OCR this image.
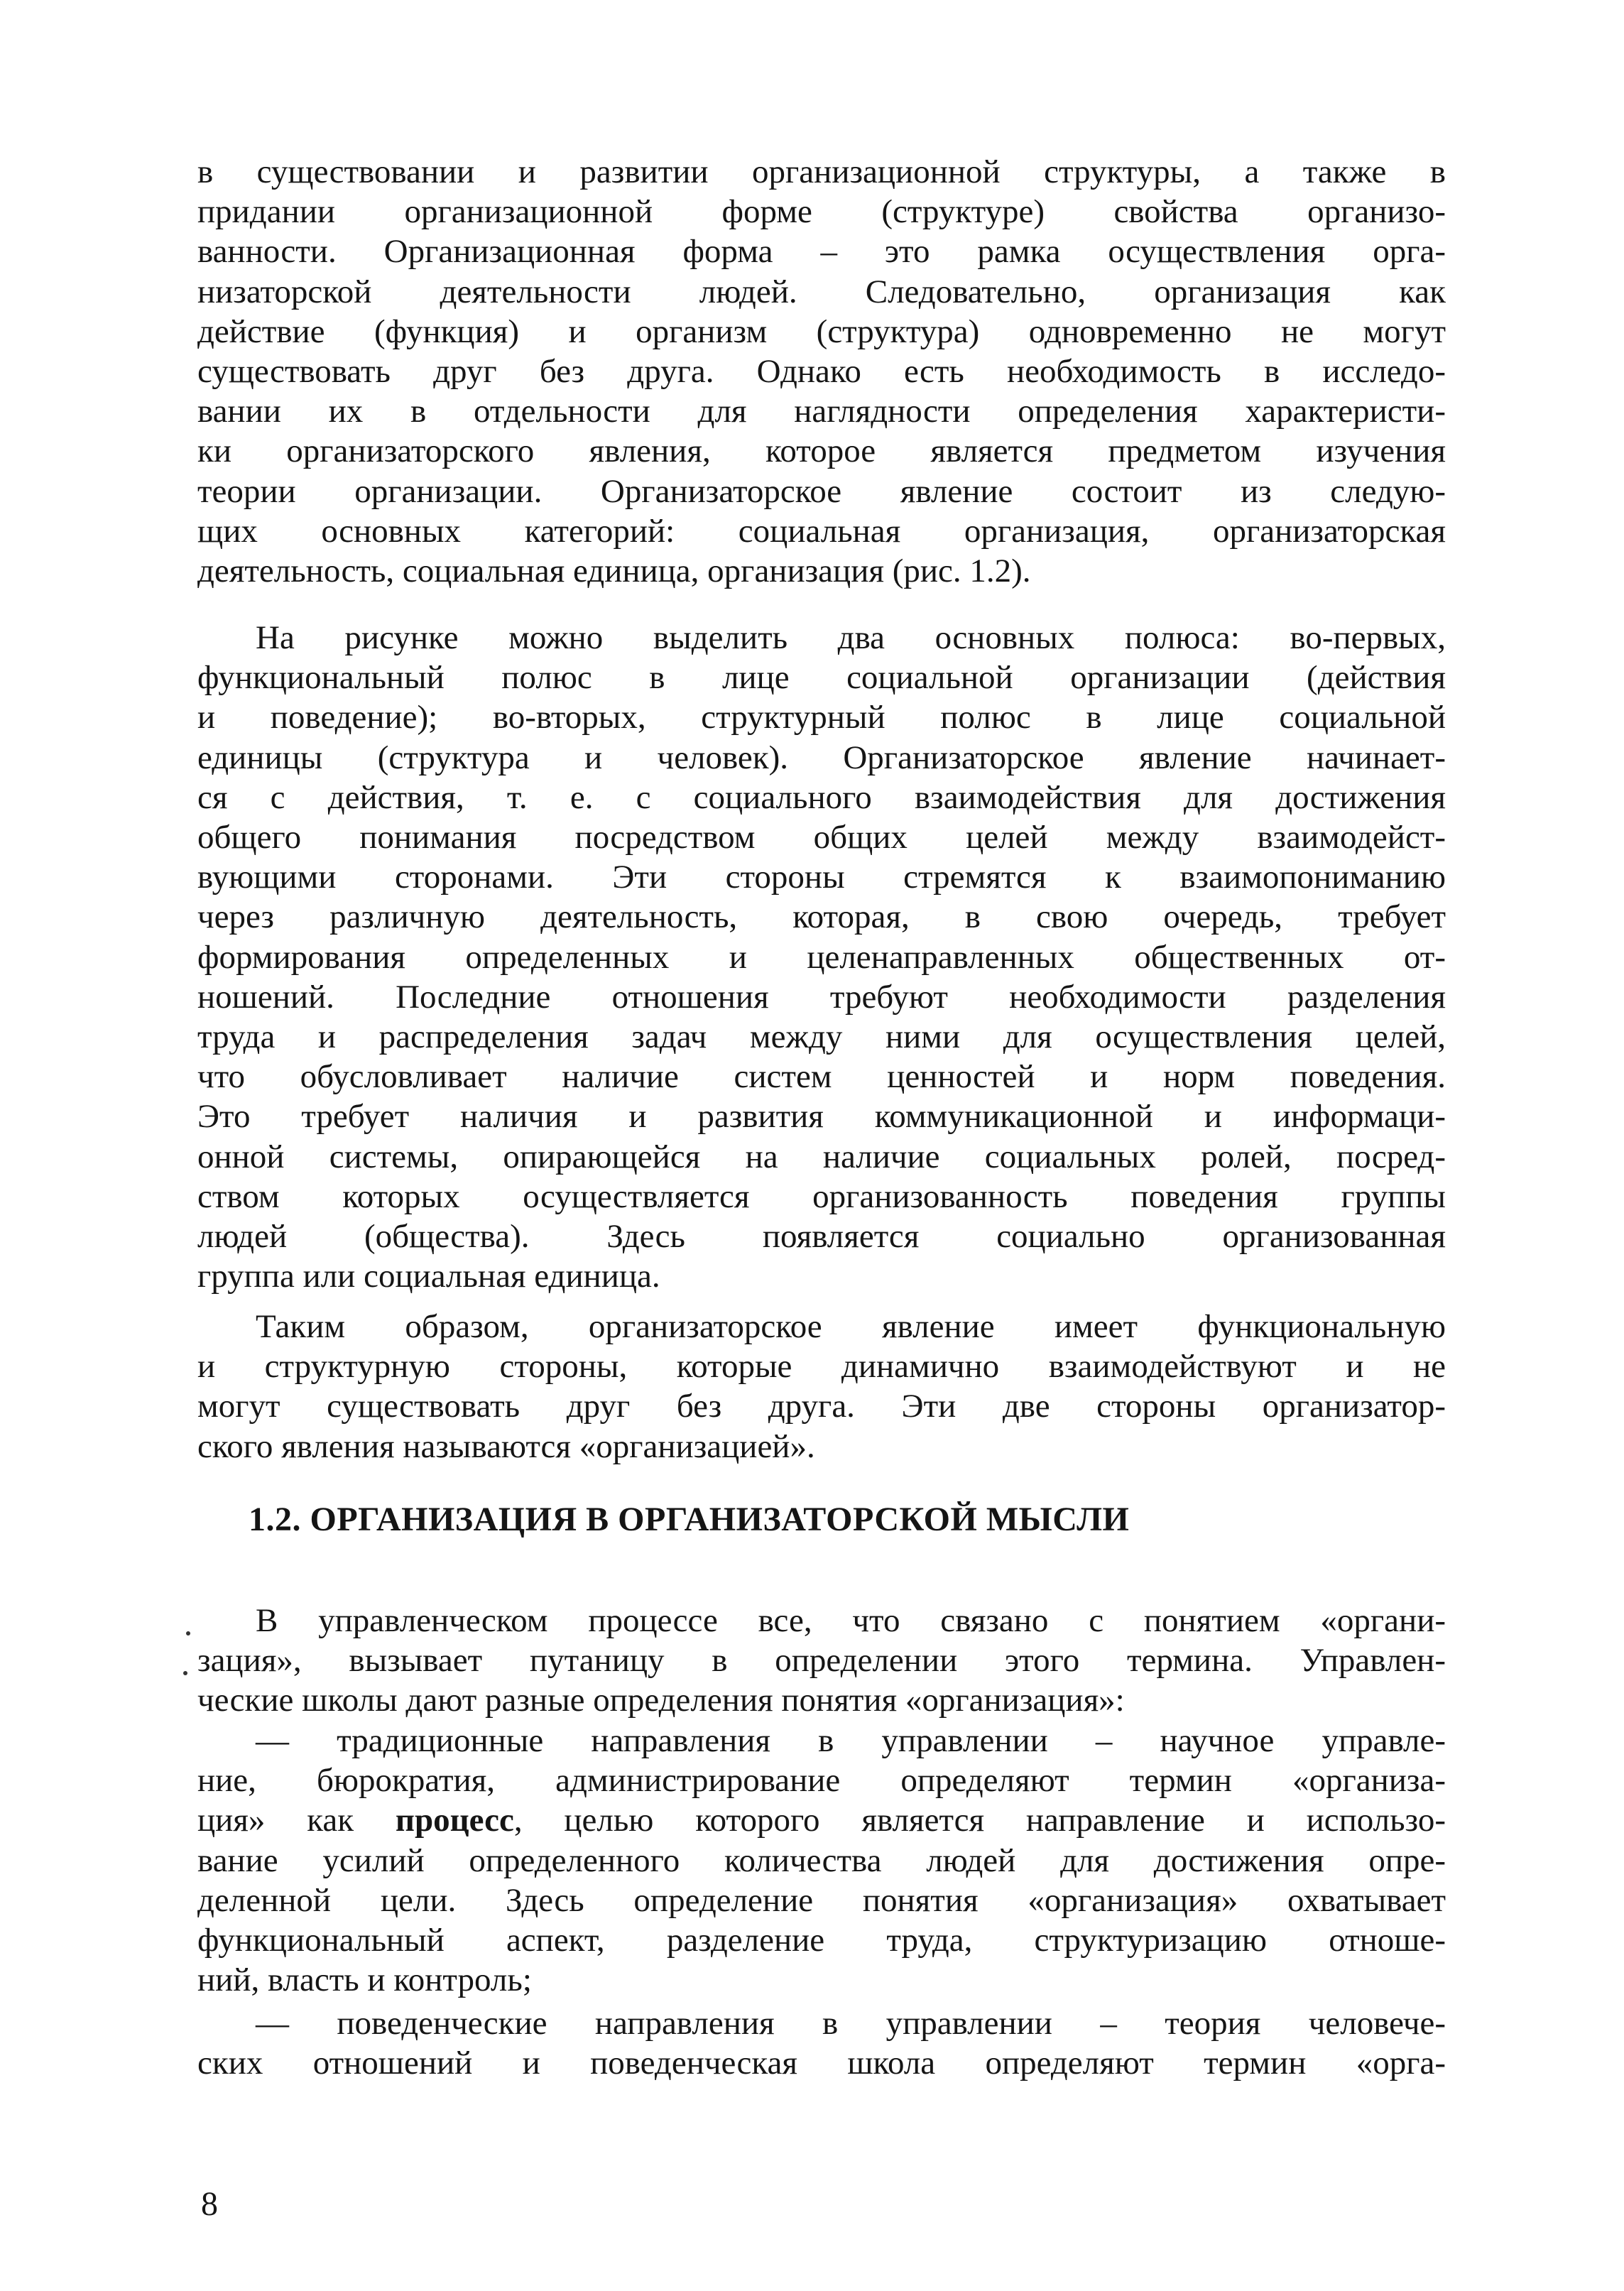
в существовании и развитии организационной структуры, а также в
придании организационной форме (структуре) свойства организо-
ванности. Организационная форма – это рамка осуществления орга-
низаторской деятельности людей. Следовательно, организация как
действие (функция) и организм (структура) одновременно не могут
существовать друг без друга. Однако есть необходимость в исследо-
вании их в отдельности для наглядности определения характеристи-
ки организаторского явления, которое является предметом изучения
теории организации. Организаторское явление состоит из следую-
щих основных категорий: социальная организация, организаторская
деятельность, социальная единица, организация (рис. 1.2).
На рисунке можно выделить два основных полюса: во-первых,
функциональный полюс в лице социальной организации (действия
и поведение); во-вторых, структурный полюс в лице социальной
единицы (структура и человек). Организаторское явление начинает-
ся с действия, т. е. с социального взаимодействия для достижения
общего понимания посредством общих целей между взаимодейст-
вующими сторонами. Эти стороны стремятся к взаимопониманию
через различную деятельность, которая, в свою очередь, требует
формирования определенных и целенаправленных общественных от-
ношений. Последние отношения требуют необходимости разделения
труда и распределения задач между ними для осуществления целей,
что обусловливает наличие систем ценностей и норм поведения.
Это требует наличия и развития коммуникационной и информаци-
онной системы, опирающейся на наличие социальных ролей, посред-
ством которых осуществляется организованность поведения группы
людей (общества). Здесь появляется социально организованная
группа или социальная единица.
Таким образом, организаторское явление имеет функциональную
и структурную стороны, которые динамично взаимодействуют и не
могут существовать друг без друга. Эти две стороны организатор-
ского явления называются «организацией».
1.2. ОРГАНИЗАЦИЯ В ОРГАНИЗАТОРСКОЙ МЫСЛИ
В управленческом процессе все, что связано с понятием «органи-
зация», вызывает путаницу в определении этого термина. Управлен-
ческие школы дают разные определения понятия «организация»:
— традиционные направления в управлении – научное управле-
ние, бюрократия, администрирование определяют термин «организа-
ция» как процесс, целью которого является направление и использо-
вание усилий определенного количества людей для достижения опре-
деленной цели. Здесь определение понятия «организация» охватывает
функциональный аспект, разделение труда, структуризацию отноше-
ний, власть и контроль;
— поведенческие направления в управлении – теория человече-
ских отношений и поведенческая школа определяют термин «орга-
8
